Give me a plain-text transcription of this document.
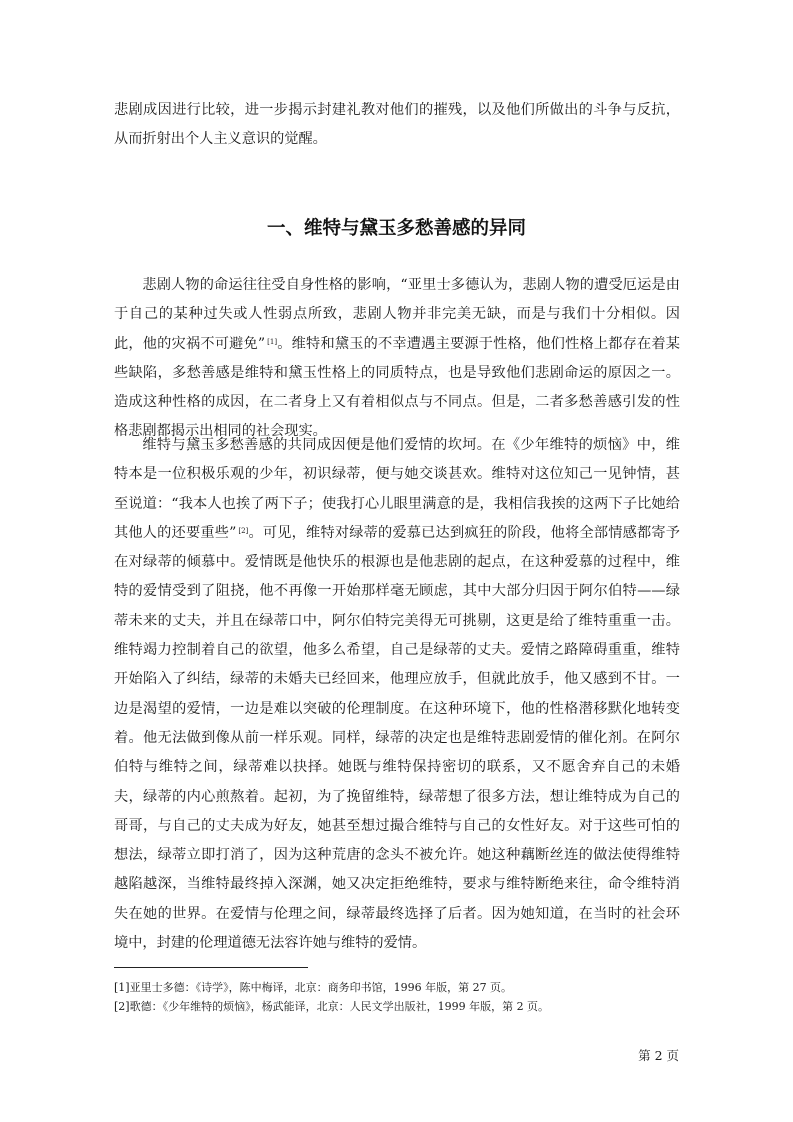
悲剧成因进行比较，进一步揭示封建礼教对他们的摧残，以及他们所做出的斗争与反抗，从而折射出个人主义意识的觉醒。

一、维特与黛玉多愁善感的异同

悲剧人物的命运往往受自身性格的影响，“亚里士多德认为，悲剧人物的遭受厄运是由于自己的某种过失或人性弱点所致，悲剧人物并非完美无缺，而是与我们十分相似。因此，他的灾祸不可避免” [1]。维特和黛玉的不幸遭遇主要源于性格，他们性格上都存在着某些缺陷，多愁善感是维特和黛玉性格上的同质特点，也是导致他们悲剧命运的原因之一。造成这种性格的成因，在二者身上又有着相似点与不同点。但是，二者多愁善感引发的性格悲剧都揭示出相同的社会现实。

维特与黛玉多愁善感的共同成因便是他们爱情的坎坷。在《少年维特的烦恼》中，维特本是一位积极乐观的少年，初识绿蒂，便与她交谈甚欢。维特对这位知己一见钟情，甚至说道：“我本人也挨了两下子；使我打心儿眼里满意的是，我相信我挨的这两下子比她给其他人的还要重些” [2]。可见，维特对绿蒂的爱慕已达到疯狂的阶段，他将全部情感都寄予在对绿蒂的倾慕中。爱情既是他快乐的根源也是他悲剧的起点，在这种爱慕的过程中，维特的爱情受到了阻挠，他不再像一开始那样毫无顾虑，其中大部分归因于阿尔伯特——绿蒂未来的丈夫，并且在绿蒂口中，阿尔伯特完美得无可挑剔，这更是给了维特重重一击。维特竭力控制着自己的欲望，他多么希望，自己是绿蒂的丈夫。爱情之路障碍重重，维特开始陷入了纠结，绿蒂的未婚夫已经回来，他理应放手，但就此放手，他又感到不甘。一边是渴望的爱情，一边是难以突破的伦理制度。在这种环境下，他的性格潜移默化地转变着。他无法做到像从前一样乐观。同样，绿蒂的决定也是维特悲剧爱情的催化剂。在阿尔伯特与维特之间，绿蒂难以抉择。她既与维特保持密切的联系，又不愿舍弃自己的未婚夫，绿蒂的内心煎熬着。起初，为了挽留维特，绿蒂想了很多方法，想让维特成为自己的哥哥，与自己的丈夫成为好友，她甚至想过撮合维特与自己的女性好友。对于这些可怕的想法，绿蒂立即打消了，因为这种荒唐的念头不被允许。她这种藕断丝连的做法使得维特越陷越深，当维特最终掉入深渊，她又决定拒绝维特，要求与维特断绝来往，命令维特消失在她的世界。在爱情与伦理之间，绿蒂最终选择了后者。因为她知道，在当时的社会环境中，封建的伦理道德无法容许她与维特的爱情。

[1]亚里士多德：《诗学》，陈中梅译，北京：商务印书馆，1996 年版，第 27 页。

[2]歌德：《少年维特的烦恼》，杨武能译，北京：人民文学出版社，1999 年版，第 2 页。

第 2 页
